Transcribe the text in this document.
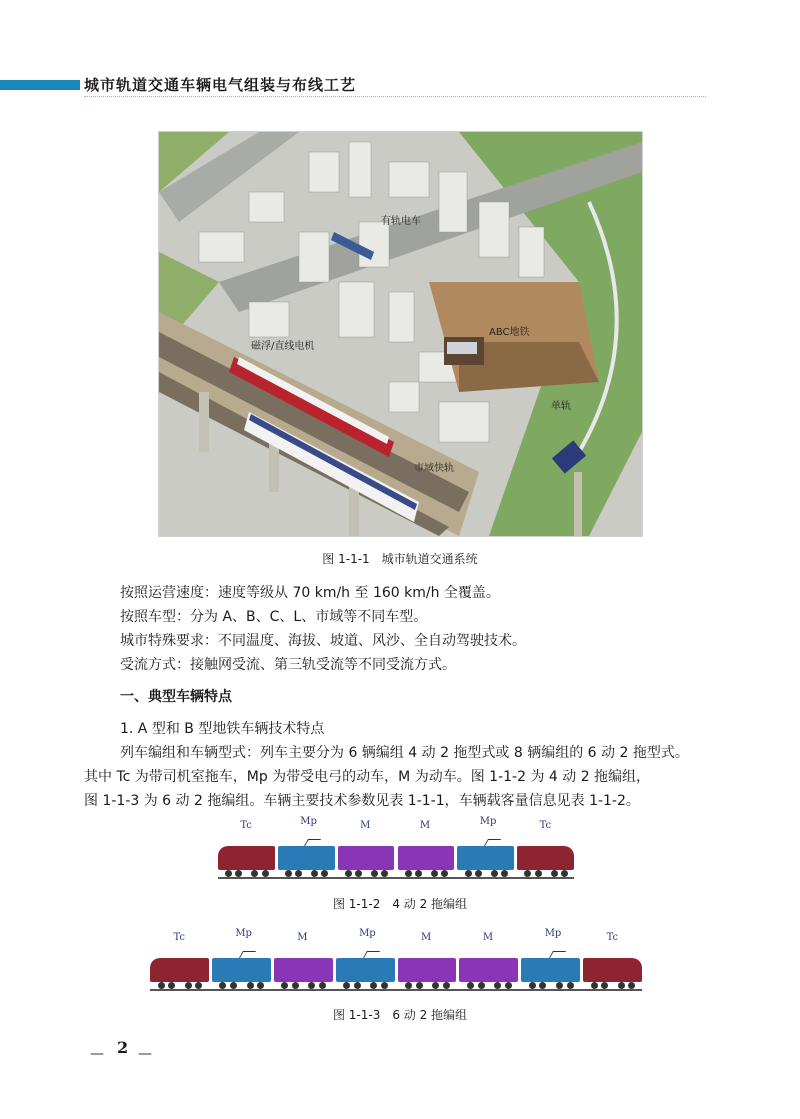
城市轨道交通车辆电气组装与布线工艺
有轨电车
磁浮/直线电机
ABC地铁
单轨
市域快轨
图 1-1-1　城市轨道交通系统
按照运营速度：速度等级从 70 km/h 至 160 km/h 全覆盖。
按照车型：分为 A、B、C、L、市域等不同车型。
城市特殊要求：不同温度、海拔、坡道、风沙、全自动驾驶技术。
受流方式：接触网受流、第三轨受流等不同受流方式。
一、典型车辆特点
1. A 型和 B 型地铁车辆技术特点
列车编组和车辆型式：列车主要分为 6 辆编组 4 动 2 拖型式或 8 辆编组的 6 动 2 拖型式。
其中 Tc 为带司机室拖车，Mp 为带受电弓的动车，M 为动车。图 1-1-2 为 4 动 2 拖编组，
图 1-1-3 为 6 动 2 拖编组。车辆主要技术参数见表 1-1-1，车辆载客量信息见表 1-1-2。
Tc	Mp	M	M	Mp	Tc
图 1-1-2　4 动 2 拖编组
Tc	Mp	M	Mp	M	M	Mp	Tc
图 1-1-3　6 动 2 拖编组
— 2 —
